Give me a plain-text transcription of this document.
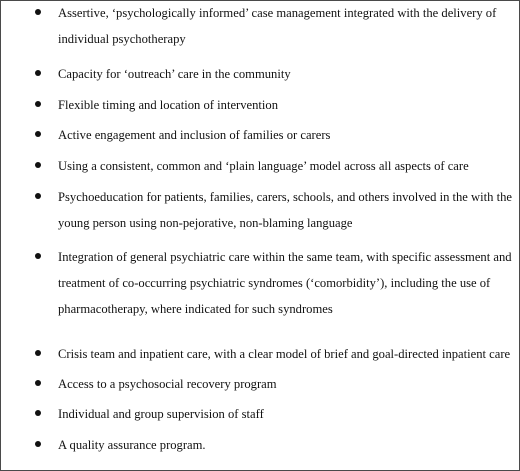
Assertive, ‘psychologically informed’ case management integrated with the delivery of
individual psychotherapy
Capacity for ‘outreach’ care in the community
Flexible timing and location of intervention
Active engagement and inclusion of families or carers
Using a consistent, common and ‘plain language’ model across all aspects of care
Psychoeducation for patients, families, carers, schools, and others involved in the with the
young person using non-pejorative, non-blaming language
Integration of general psychiatric care within the same team, with specific assessment and
treatment of co-occurring psychiatric syndromes (‘comorbidity’), including the use of
pharmacotherapy, where indicated for such syndromes
Crisis team and inpatient care, with a clear model of brief and goal-directed inpatient care
Access to a psychosocial recovery program
Individual and group supervision of staff
A quality assurance program.
